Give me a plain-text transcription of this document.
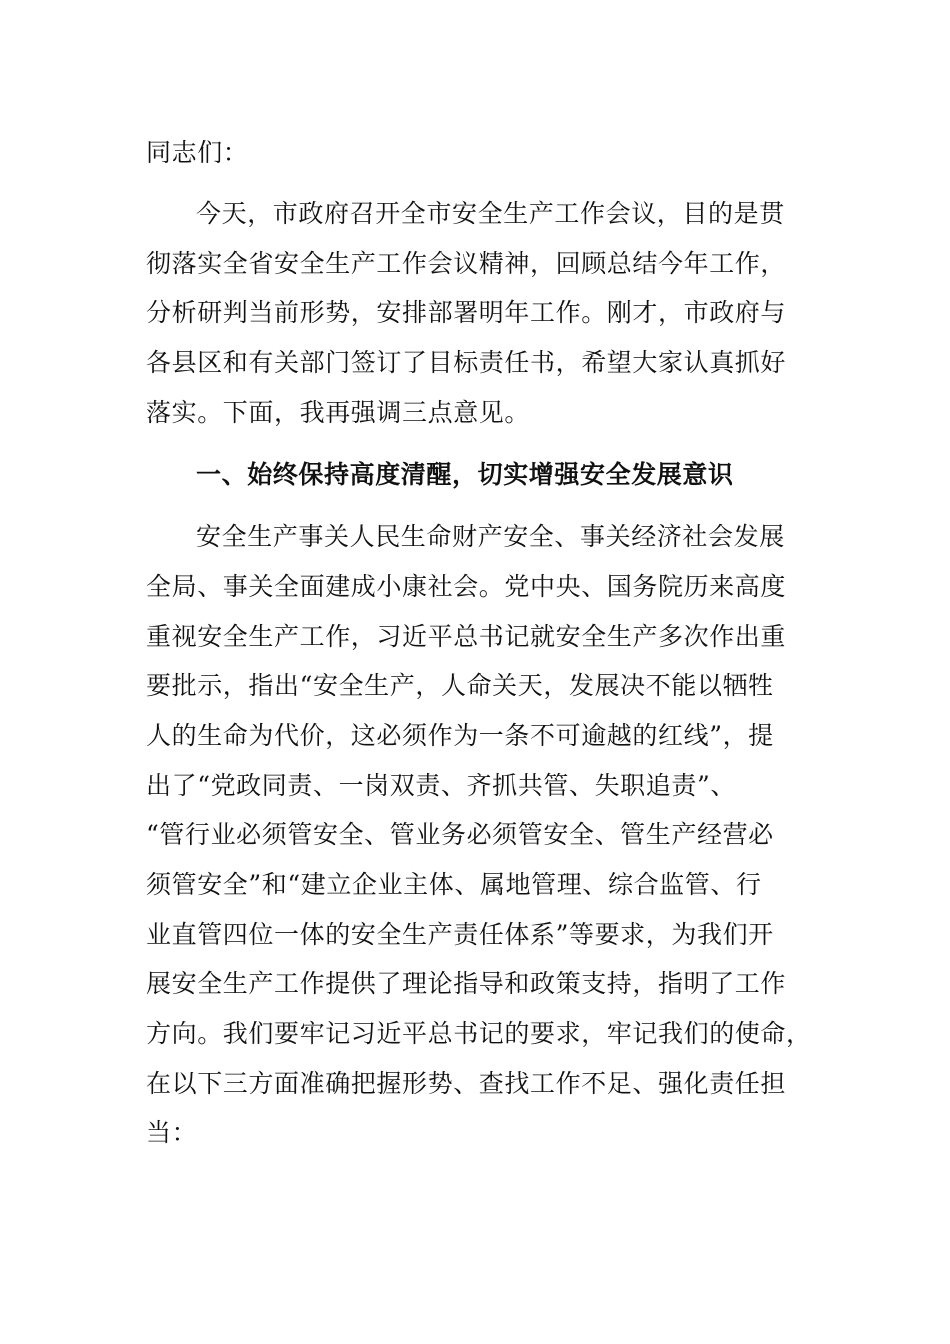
同志们：
今天，市政府召开全市安全生产工作会议，目的是贯
彻落实全省安全生产工作会议精神，回顾总结今年工作，
分析研判当前形势，安排部署明年工作。刚才，市政府与
各县区和有关部门签订了目标责任书，希望大家认真抓好
落实。下面，我再强调三点意见。
一、始终保持高度清醒，切实增强安全发展意识
安全生产事关人民生命财产安全、事关经济社会发展
全局、事关全面建成小康社会。党中央、国务院历来高度
重视安全生产工作，习近平总书记就安全生产多次作出重
要批示，指出“安全生产，人命关天，发展决不能以牺牲
人的生命为代价，这必须作为一条不可逾越的红线”，提
出了“党政同责、一岗双责、齐抓共管、失职追责”、
“管行业必须管安全、管业务必须管安全、管生产经营必
须管安全”和“建立企业主体、属地管理、综合监管、行
业直管四位一体的安全生产责任体系”等要求，为我们开
展安全生产工作提供了理论指导和政策支持，指明了工作
方向。我们要牢记习近平总书记的要求，牢记我们的使命，
在以下三方面准确把握形势、查找工作不足、强化责任担
当：
